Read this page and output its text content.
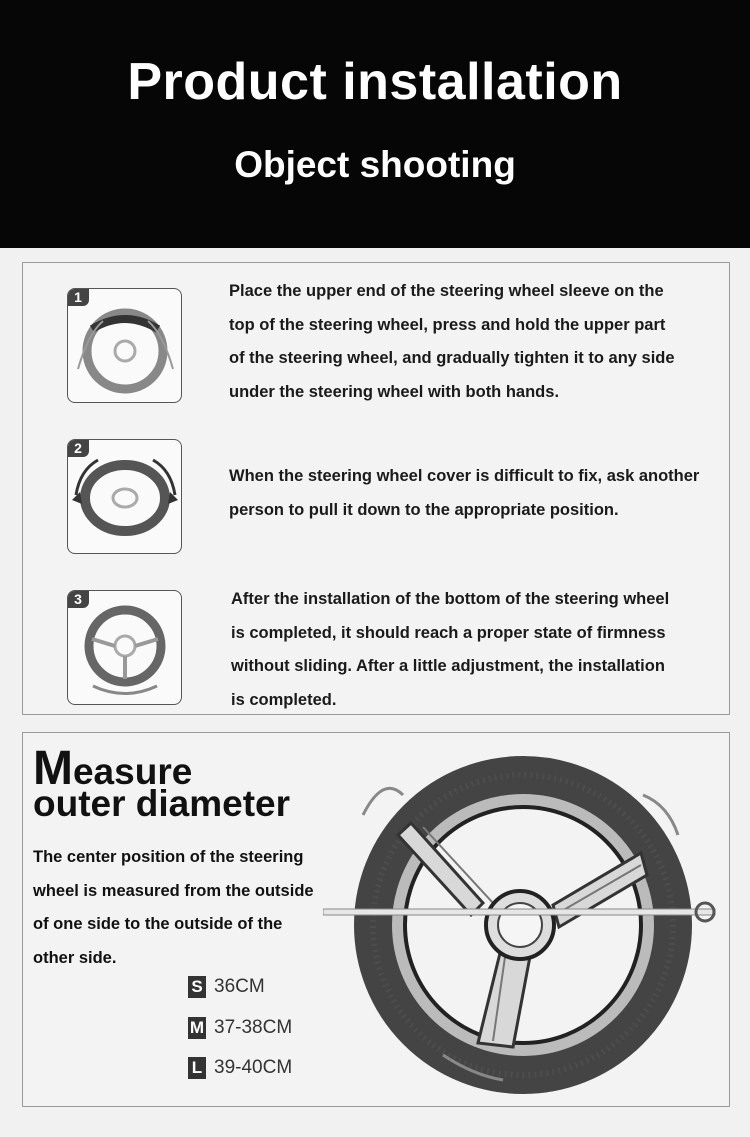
Product installation
Object shooting
1	Place the upper end of the steering wheel sleeve on the
top of the steering wheel, press and hold the upper part
of the steering wheel, and gradually tighten it to any side
under the steering wheel with both hands.
2
When the steering wheel cover is difficult to fix, ask another
person to pull it down to the appropriate position.
3	After the installation of the bottom of the steering wheel
is completed, it should reach a proper state of firmness
without sliding. After a little adjustment, the installation
is completed.
Measure
outer diameter
The center position of the steering
wheel is measured from the outside
of one side to the outside of the
other side.
S 36CM
M 37-38CM
L 39-40CM
